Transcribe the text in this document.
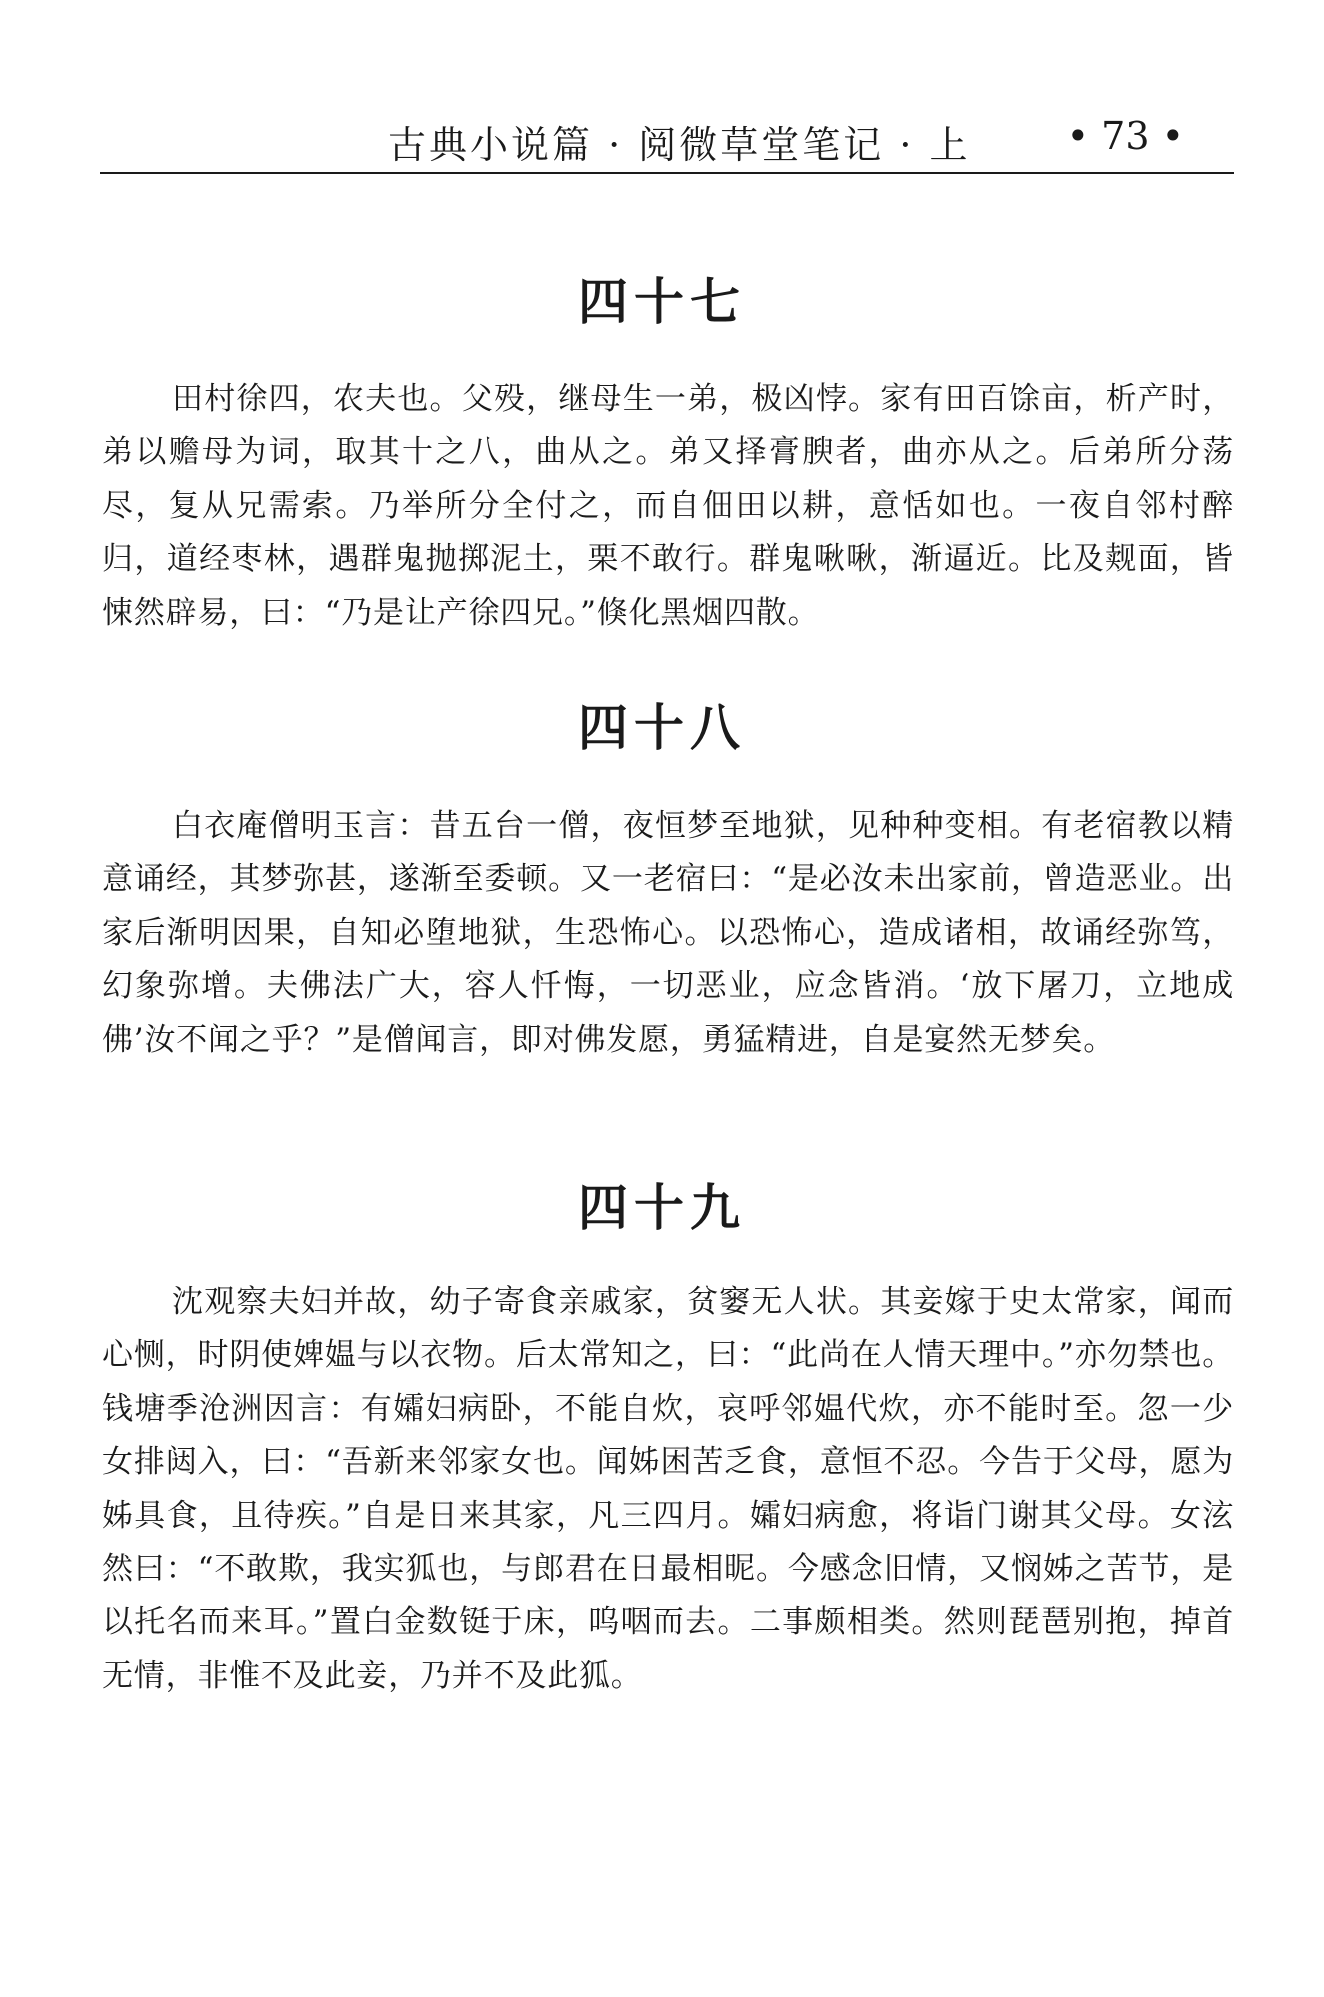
古典小说篇 · 阅微草堂笔记 · 上	• 73 •
四十七

田村徐四，农夫也。父殁，继母生一弟，极凶悖。家有田百馀亩，析产时，弟以赡母为词，取其十之八，曲从之。弟又择膏腴者，曲亦从之。后弟所分荡尽，复从兄需索。乃举所分全付之，而自佃田以耕，意恬如也。一夜自邻村醉归，道经枣林，遇群鬼抛掷泥土，栗不敢行。群鬼啾啾，渐逼近。比及觌面，皆悚然辟易，曰：“乃是让产徐四兄。”倏化黑烟四散。

四十八

白衣庵僧明玉言：昔五台一僧，夜恒梦至地狱，见种种变相。有老宿教以精意诵经，其梦弥甚，遂渐至委顿。又一老宿曰：“是必汝未出家前，曾造恶业。出家后渐明因果，自知必堕地狱，生恐怖心。以恐怖心，造成诸相，故诵经弥笃，幻象弥增。夫佛法广大，容人忏悔，一切恶业，应念皆消。‘放下屠刀，立地成佛’汝不闻之乎？”是僧闻言，即对佛发愿，勇猛精进，自是宴然无梦矣。

四十九

沈观察夫妇并故，幼子寄食亲戚家，贫窭无人状。其妾嫁于史太常家，闻而心恻，时阴使婢媪与以衣物。后太常知之，曰：“此尚在人情天理中。”亦勿禁也。钱塘季沧洲因言：有孀妇病卧，不能自炊，哀呼邻媪代炊，亦不能时至。忽一少女排闼入，曰：“吾新来邻家女也。闻姊困苦乏食，意恒不忍。今告于父母，愿为姊具食，且待疾。”自是日来其家，凡三四月。孀妇病愈，将诣门谢其父母。女泫然曰：“不敢欺，我实狐也，与郎君在日最相昵。今感念旧情，又悯姊之苦节，是以托名而来耳。”置白金数铤于床，呜咽而去。二事颇相类。然则琵琶别抱，掉首无情，非惟不及此妾，乃并不及此狐。
